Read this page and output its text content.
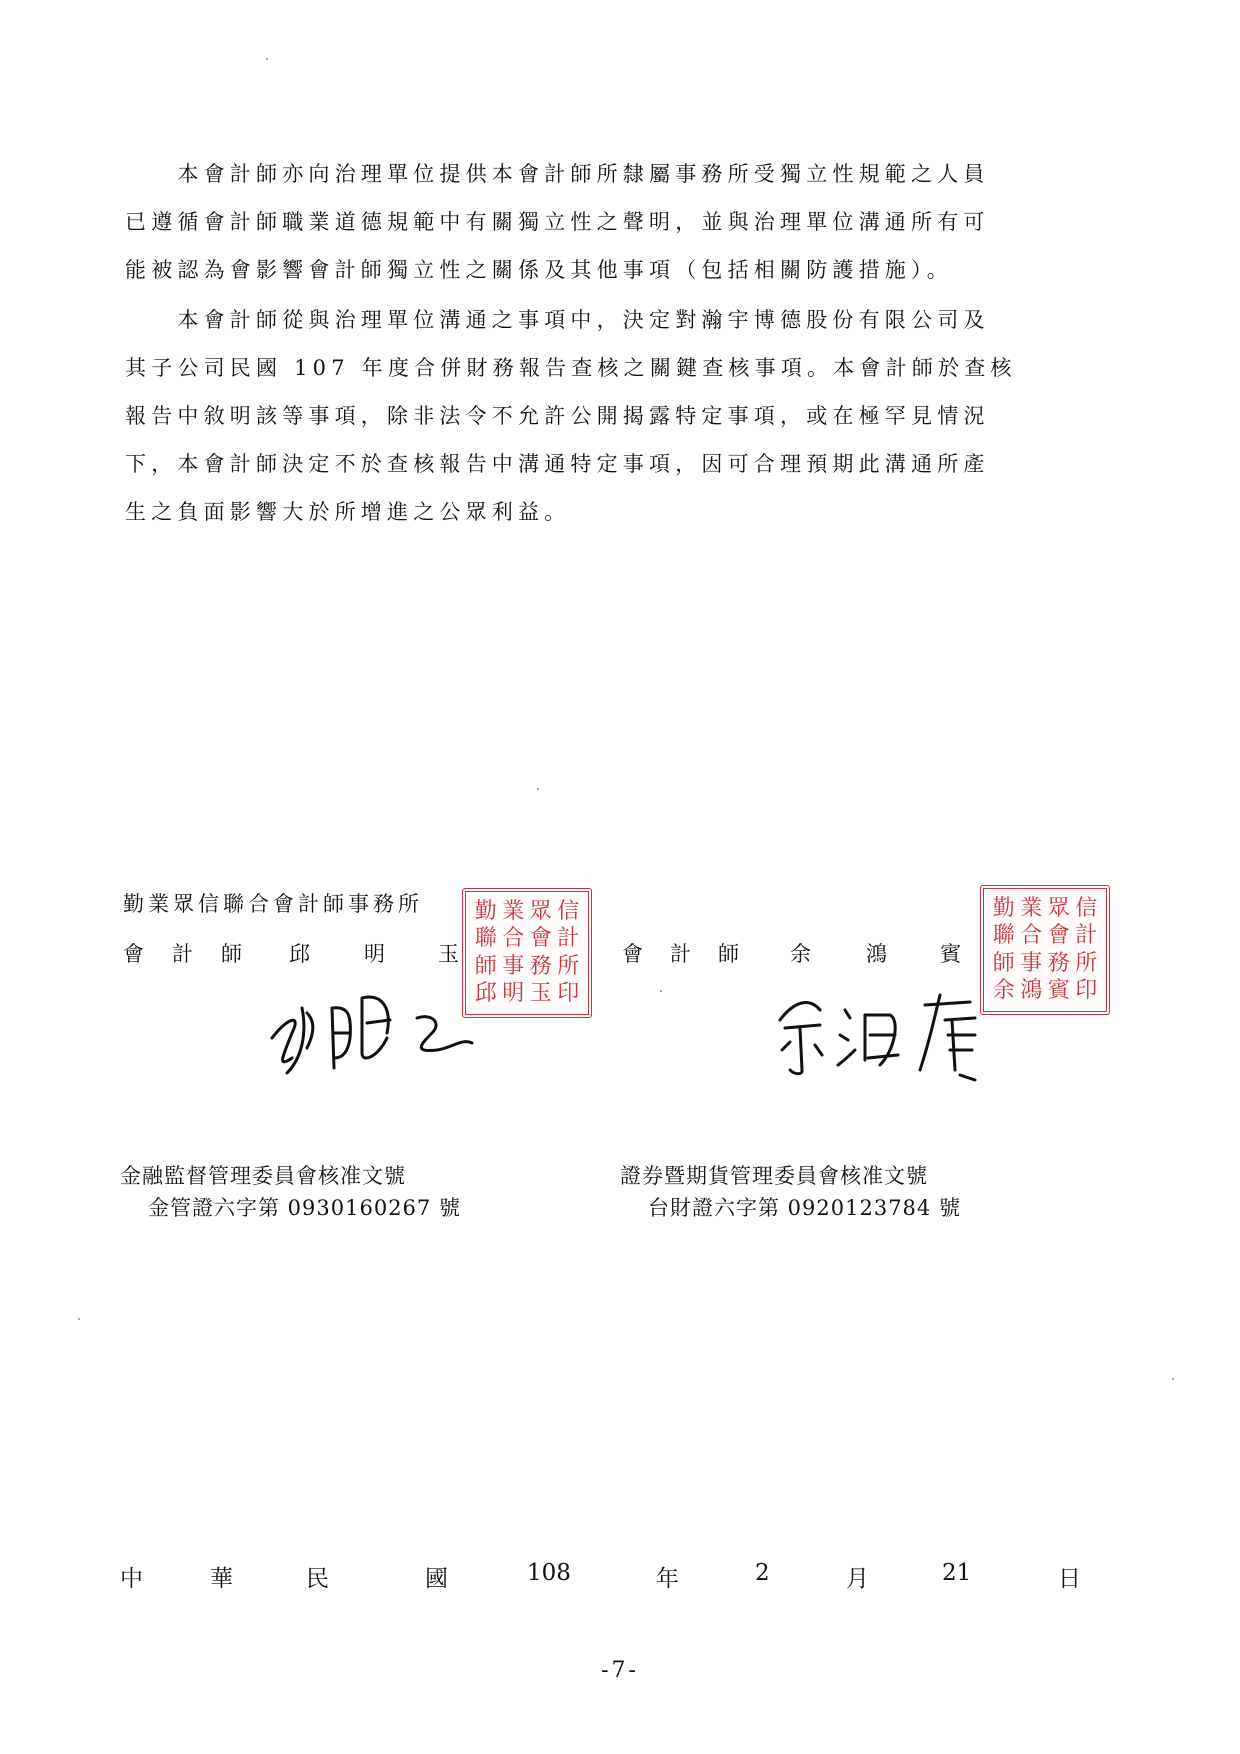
　　本會計師亦向治理單位提供本會計師所隸屬事務所受獨立性規範之人員

已遵循會計師職業道德規範中有關獨立性之聲明，並與治理單位溝通所有可

能被認為會影響會計師獨立性之關係及其他事項（包括相關防護措施）。

　　本會計師從與治理單位溝通之事項中，決定對瀚宇博德股份有限公司及

其子公司民國 107 年度合併財務報告查核之關鍵查核事項。本會計師於查核

報告中敘明該等事項，除非法令不允許公開揭露特定事項，或在極罕見情況

下，本會計師決定不於查核報告中溝通特定事項，因可合理預期此溝通所產

生之負面影響大於所增進之公眾利益。

勤業眾信聯合會計師事務所
會 計 師 邱	明	玉	會 計 師 余	鴻	賓
勤 業 眾 信
聯 合 會 計
師 事 務 所
邱 明 玉 印
勤 業 眾 信
聯 合 會 計
師 事 務 所
余 鴻 賓 印
金融監督管理委員會核准文號
金管證六字第 0930160267 號
證券暨期貨管理委員會核准文號
台財證六字第 0920123784 號
中	華	民	國	108	年	2	月	21	日
-7-
